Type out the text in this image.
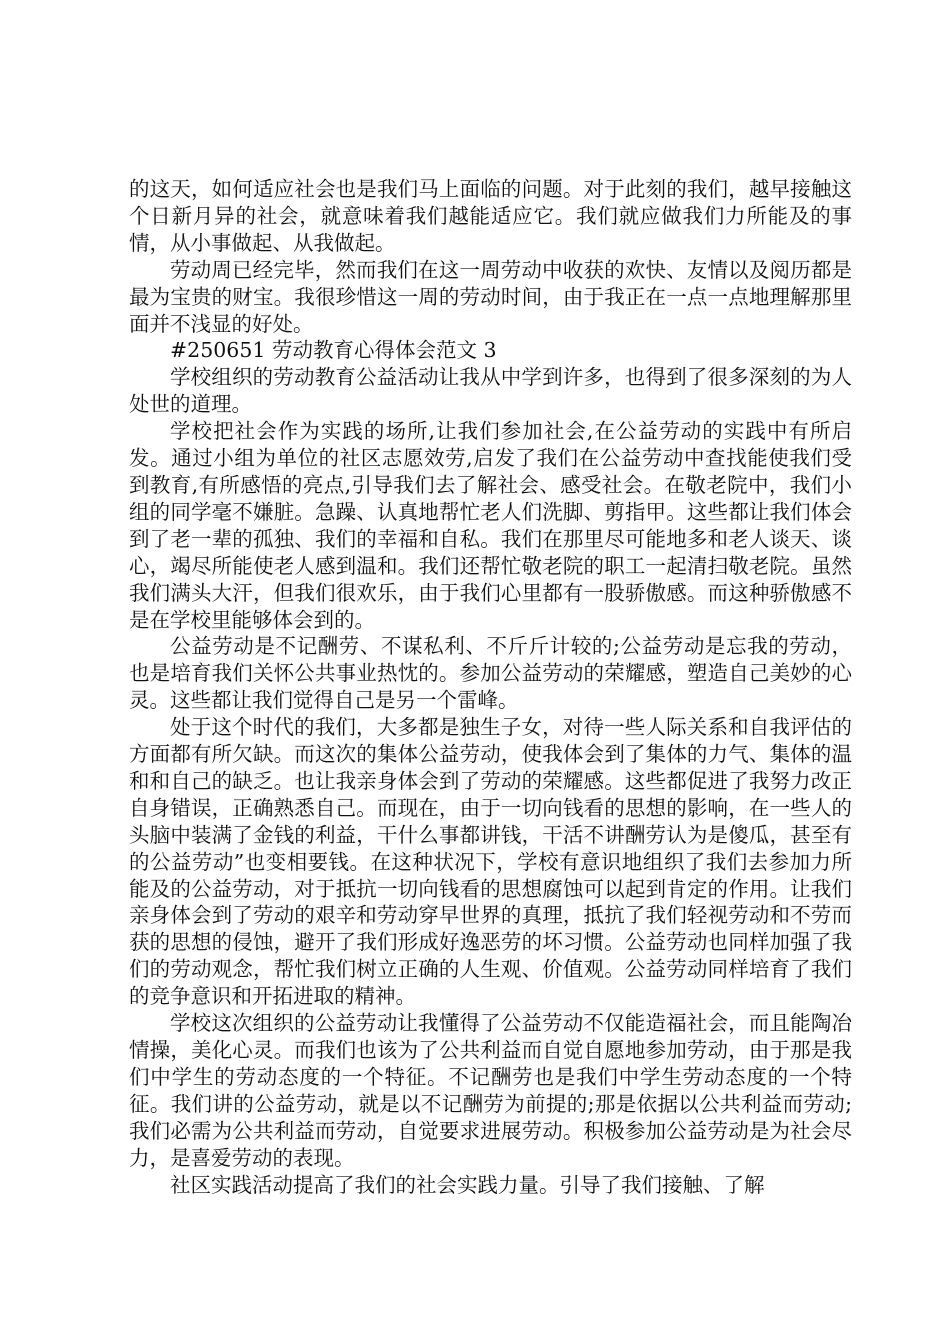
的这天，如何适应社会也是我们马上面临的问题。对于此刻的我们，越早接触这个日新月异的社会，就意味着我们越能适应它。我们就应做我们力所能及的事情，从小事做起、从我做起。

劳动周已经完毕，然而我们在这一周劳动中收获的欢快、友情以及阅历都是最为宝贵的财宝。我很珍惜这一周的劳动时间，由于我正在一点一点地理解那里面并不浅显的好处。

#250651 劳动教育心得体会范文 3

学校组织的劳动教育公益活动让我从中学到许多，也得到了很多深刻的为人处世的道理。

学校把社会作为实践的场所,让我们参加社会,在公益劳动的实践中有所启发。通过小组为单位的社区志愿效劳,启发了我们在公益劳动中查找能使我们受到教育,有所感悟的亮点,引导我们去了解社会、感受社会。在敬老院中，我们小组的同学毫不嫌脏。急躁、认真地帮忙老人们洗脚、剪指甲。这些都让我们体会到了老一辈的孤独、我们的幸福和自私。我们在那里尽可能地多和老人谈天、谈心，竭尽所能使老人感到温和。我们还帮忙敬老院的职工一起清扫敬老院。虽然我们满头大汗，但我们很欢乐，由于我们心里都有一股骄傲感。而这种骄傲感不是在学校里能够体会到的。

公益劳动是不记酬劳、不谋私利、不斤斤计较的;公益劳动是忘我的劳动，也是培育我们关怀公共事业热忱的。参加公益劳动的荣耀感，塑造自己美妙的心灵。这些都让我们觉得自己是另一个雷峰。

处于这个时代的我们，大多都是独生子女，对待一些人际关系和自我评估的方面都有所欠缺。而这次的集体公益劳动，使我体会到了集体的力气、集体的温和和自己的缺乏。也让我亲身体会到了劳动的荣耀感。这些都促进了我努力改正自身错误，正确熟悉自己。而现在，由于一切向钱看的思想的影响，在一些人的头脑中装满了金钱的利益，干什么事都讲钱，干活不讲酬劳认为是傻瓜，甚至有的公益劳动”也变相要钱。在这种状况下，学校有意识地组织了我们去参加力所能及的公益劳动，对于抵抗一切向钱看的思想腐蚀可以起到肯定的作用。让我们亲身体会到了劳动的艰辛和劳动穿早世界的真理，抵抗了我们轻视劳动和不劳而获的思想的侵蚀，避开了我们形成好逸恶劳的坏习惯。公益劳动也同样加强了我们的劳动观念，帮忙我们树立正确的人生观、价值观。公益劳动同样培育了我们的竞争意识和开拓进取的精神。

学校这次组织的公益劳动让我懂得了公益劳动不仅能造福社会，而且能陶冶情操，美化心灵。而我们也该为了公共利益而自觉自愿地参加劳动，由于那是我们中学生的劳动态度的一个特征。不记酬劳也是我们中学生劳动态度的一个特征。我们讲的公益劳动，就是以不记酬劳为前提的;那是依据以公共利益而劳动;我们必需为公共利益而劳动，自觉要求进展劳动。积极参加公益劳动是为社会尽力，是喜爱劳动的表现。

社区实践活动提高了我们的社会实践力量。引导了我们接触、了解
